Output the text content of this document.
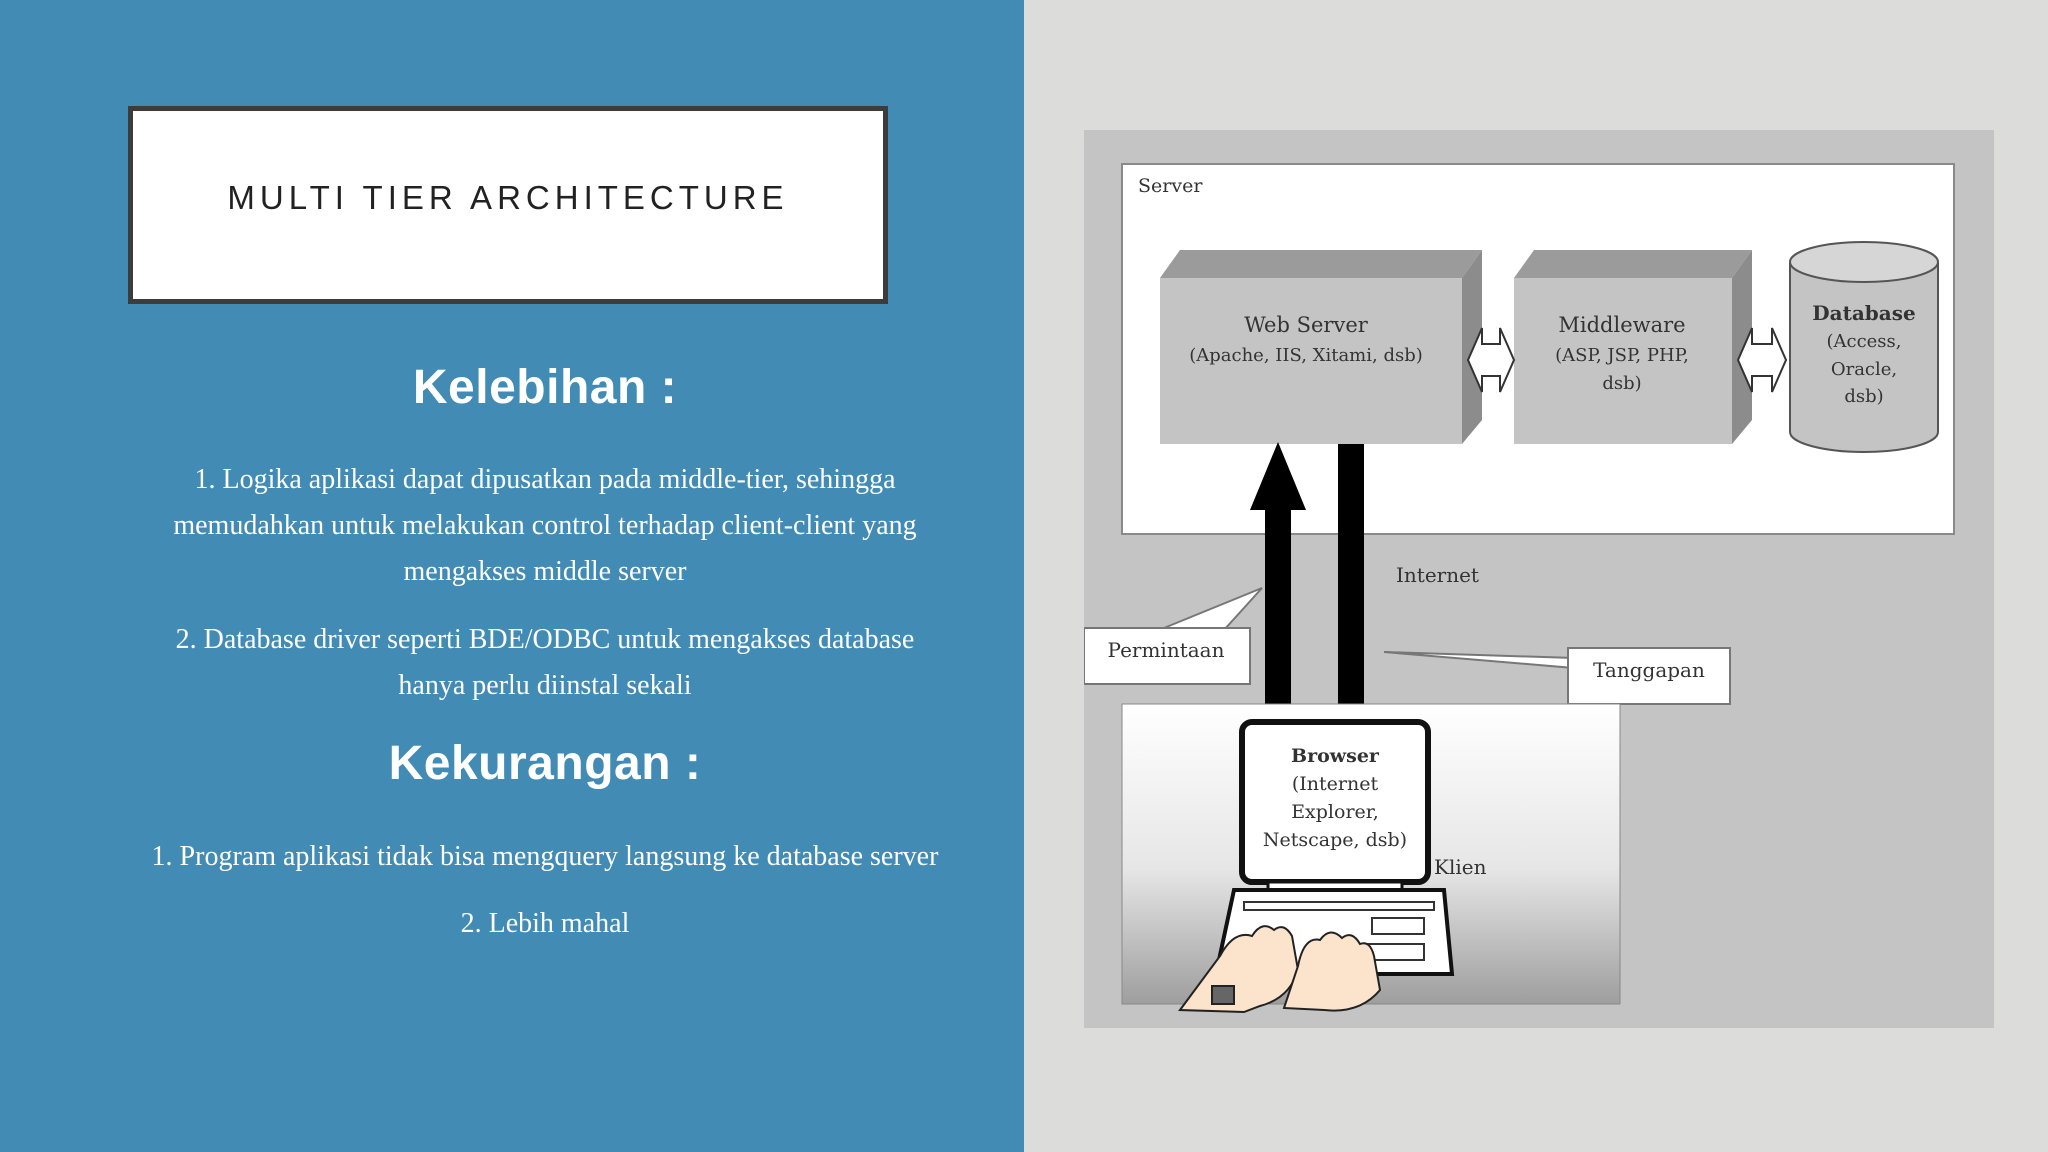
MULTI TIER ARCHITECTURE
Kelebihan :
1. Logika aplikasi dapat dipusatkan pada middle-tier, sehingga memudahkan untuk melakukan control terhadap client-client yang mengakses middle server
2. Database driver seperti BDE/ODBC untuk mengakses database hanya perlu diinstal sekali
Kekurangan :
1. Program aplikasi tidak bisa mengquery langsung ke database server
2. Lebih mahal
Server
Web Server
(Apache, IIS, Xitami, dsb)
Middleware
(ASP, JSP, PHP,
dsb)
Database
(Access,
Oracle,
dsb)
Internet
Permintaan
Tanggapan
Klien
Browser
(Internet
Explorer,
Netscape, dsb)
